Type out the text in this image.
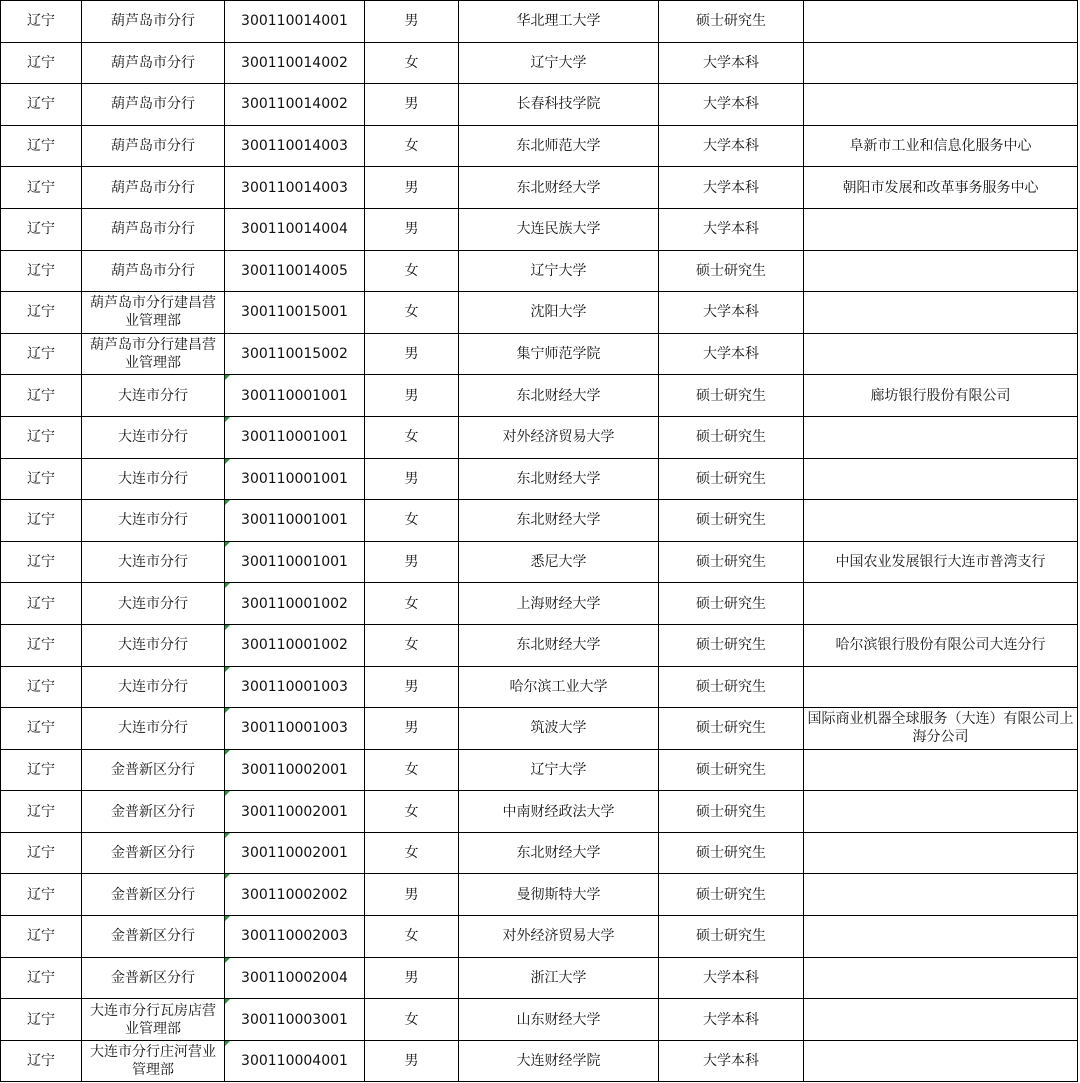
辽宁	葫芦岛市分行	300110014001	男	华北理工大学	硕士研究生	
辽宁	葫芦岛市分行	300110014002	女	辽宁大学	大学本科	
辽宁	葫芦岛市分行	300110014002	男	长春科技学院	大学本科	
辽宁	葫芦岛市分行	300110014003	女	东北师范大学	大学本科	阜新市工业和信息化服务中心
辽宁	葫芦岛市分行	300110014003	男	东北财经大学	大学本科	朝阳市发展和改革事务服务中心
辽宁	葫芦岛市分行	300110014004	男	大连民族大学	大学本科	
辽宁	葫芦岛市分行	300110014005	女	辽宁大学	硕士研究生	
辽宁	葫芦岛市分行建昌营业管理部	300110015001	女	沈阳大学	大学本科	
辽宁	葫芦岛市分行建昌营业管理部	300110015002	男	集宁师范学院	大学本科	
辽宁	大连市分行	300110001001	男	东北财经大学	硕士研究生	廊坊银行股份有限公司
辽宁	大连市分行	300110001001	女	对外经济贸易大学	硕士研究生	
辽宁	大连市分行	300110001001	男	东北财经大学	硕士研究生	
辽宁	大连市分行	300110001001	女	东北财经大学	硕士研究生	
辽宁	大连市分行	300110001001	男	悉尼大学	硕士研究生	中国农业发展银行大连市普湾支行
辽宁	大连市分行	300110001002	女	上海财经大学	硕士研究生	
辽宁	大连市分行	300110001002	女	东北财经大学	硕士研究生	哈尔滨银行股份有限公司大连分行
辽宁	大连市分行	300110001003	男	哈尔滨工业大学	硕士研究生	
辽宁	大连市分行	300110001003	男	筑波大学	硕士研究生	国际商业机器全球服务（大连）有限公司上海分公司
辽宁	金普新区分行	300110002001	女	辽宁大学	硕士研究生	
辽宁	金普新区分行	300110002001	女	中南财经政法大学	硕士研究生	
辽宁	金普新区分行	300110002001	女	东北财经大学	硕士研究生	
辽宁	金普新区分行	300110002002	男	曼彻斯特大学	硕士研究生	
辽宁	金普新区分行	300110002003	女	对外经济贸易大学	硕士研究生	
辽宁	金普新区分行	300110002004	男	浙江大学	大学本科	
辽宁	大连市分行瓦房店营业管理部	300110003001	女	山东财经大学	大学本科	
辽宁	大连市分行庄河营业管理部	300110004001	男	大连财经学院	大学本科	
